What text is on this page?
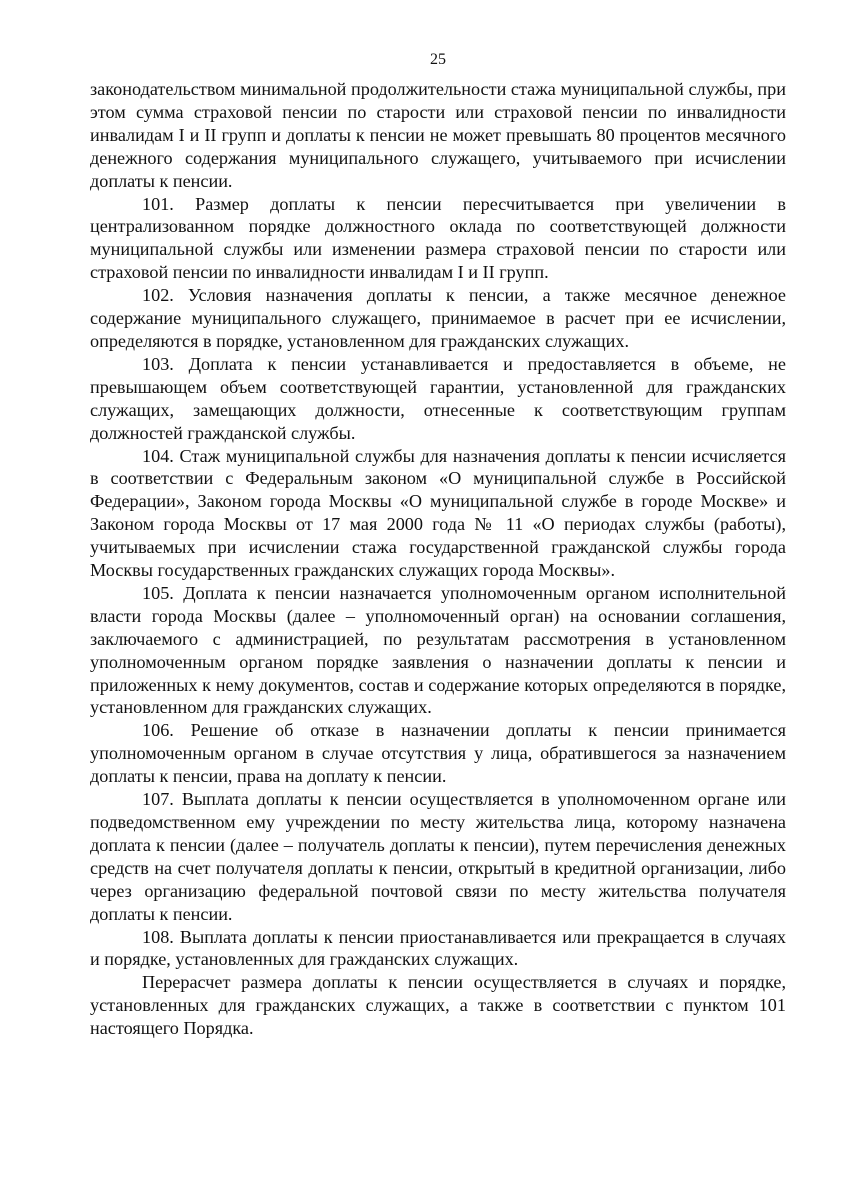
25

законодательством минимальной продолжительности стажа муниципальной службы, при этом сумма страховой пенсии по старости или страховой пенсии по инвалидности инвалидам I и II групп и доплаты к пенсии не может превышать 80 процентов месячного денежного содержания муниципального служащего, учитываемого при исчислении доплаты к пенсии.

101. Размер доплаты к пенсии пересчитывается при увеличении в централизованном порядке должностного оклада по соответствующей должности муниципальной службы или изменении размера страховой пенсии по старости или страховой пенсии по инвалидности инвалидам I и II групп.

102. Условия назначения доплаты к пенсии, а также месячное денежное содержание муниципального служащего, принимаемое в расчет при ее исчислении, определяются в порядке, установленном для гражданских служащих.

103. Доплата к пенсии устанавливается и предоставляется в объеме, не превышающем объем соответствующей гарантии, установленной для гражданских служащих, замещающих должности, отнесенные к соответствующим группам должностей гражданской службы.

104. Стаж муниципальной службы для назначения доплаты к пенсии исчисляется в соответствии с Федеральным законом «О муниципальной службе в Российской Федерации», Законом города Москвы «О муниципальной службе в городе Москве» и Законом города Москвы от 17 мая 2000 года № 11 «О периодах службы (работы), учитываемых при исчислении стажа государственной гражданской службы города Москвы государственных гражданских служащих города Москвы».

105. Доплата к пенсии назначается уполномоченным органом исполнительной власти города Москвы (далее – уполномоченный орган) на основании соглашения, заключаемого с администрацией, по результатам рассмотрения в установленном уполномоченным органом порядке заявления о назначении доплаты к пенсии и приложенных к нему документов, состав и содержание которых определяются в порядке, установленном для гражданских служащих.

106. Решение об отказе в назначении доплаты к пенсии принимается уполномоченным органом в случае отсутствия у лица, обратившегося за назначением доплаты к пенсии, права на доплату к пенсии.

107. Выплата доплаты к пенсии осуществляется в уполномоченном органе или подведомственном ему учреждении по месту жительства лица, которому назначена доплата к пенсии (далее – получатель доплаты к пенсии), путем перечисления денежных средств на счет получателя доплаты к пенсии, открытый в кредитной организации, либо через организацию федеральной почтовой связи по месту жительства получателя доплаты к пенсии.

108. Выплата доплаты к пенсии приостанавливается или прекращается в случаях и порядке, установленных для гражданских служащих.

Перерасчет размера доплаты к пенсии осуществляется в случаях и порядке, установленных для гражданских служащих, а также в соответствии с пунктом 101 настоящего Порядка.
